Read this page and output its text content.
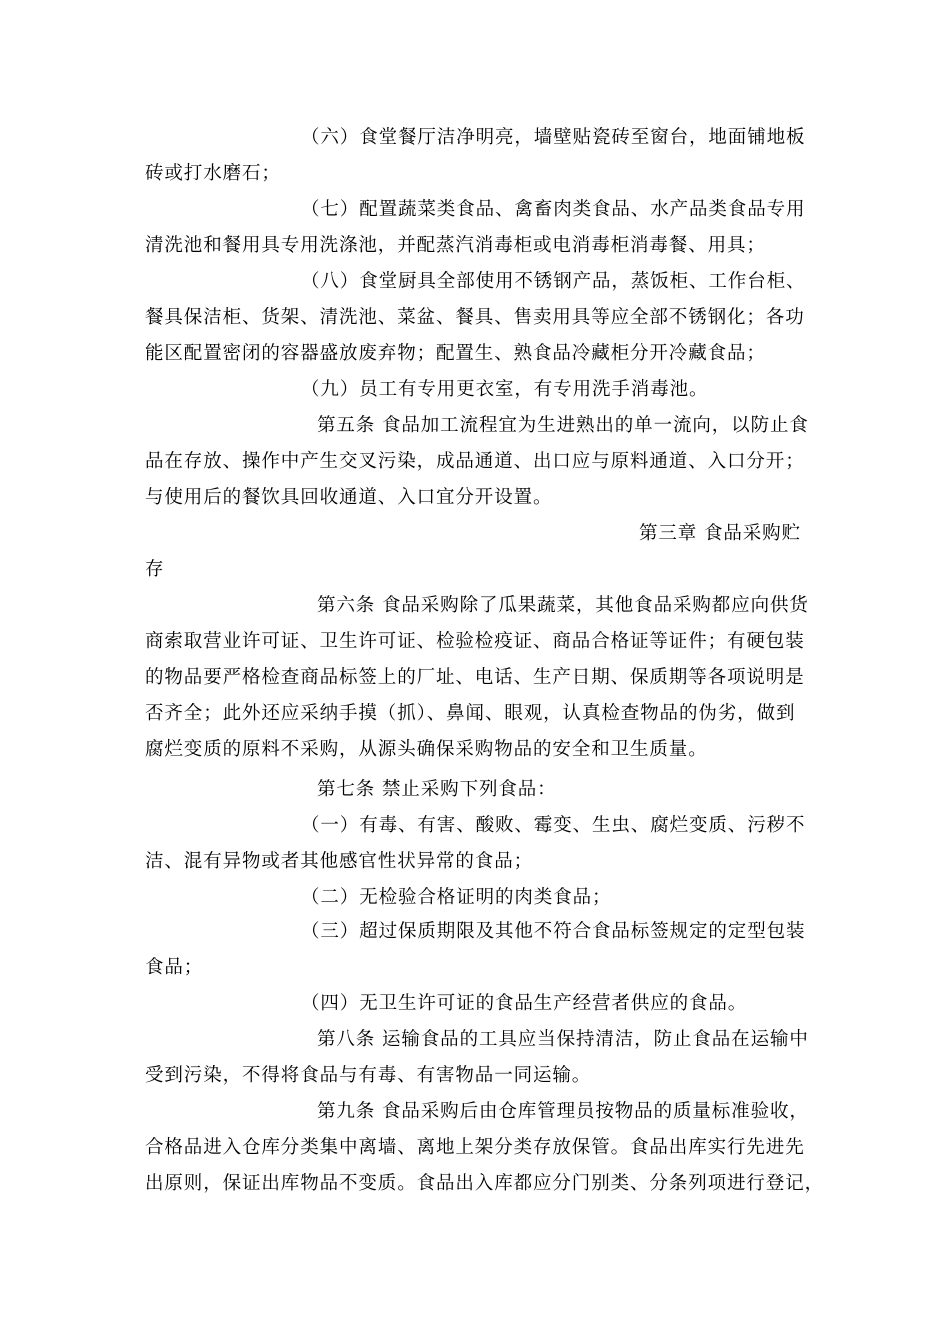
（六）食堂餐厅洁净明亮，墙壁贴瓷砖至窗台，地面铺地板
砖或打水磨石；
（七）配置蔬菜类食品、禽畜肉类食品、水产品类食品专用
清洗池和餐用具专用洗涤池，并配蒸汽消毒柜或电消毒柜消毒餐、用具；
（八）食堂厨具全部使用不锈钢产品，蒸饭柜、工作台柜、
餐具保洁柜、货架、清洗池、菜盆、餐具、售卖用具等应全部不锈钢化；各功
能区配置密闭的容器盛放废弃物；配置生、熟食品冷藏柜分开冷藏食品；
（九）员工有专用更衣室，有专用洗手消毒池。
第五条 食品加工流程宜为生进熟出的单一流向，以防止食
品在存放、操作中产生交叉污染，成品通道、出口应与原料通道、入口分开；
与使用后的餐饮具回收通道、入口宜分开设置。
第三章 食品采购贮
存
第六条 食品采购除了瓜果蔬菜，其他食品采购都应向供货
商索取营业许可证、卫生许可证、检验检疫证、商品合格证等证件；有硬包装
的物品要严格检查商品标签上的厂址、电话、生产日期、保质期等各项说明是
否齐全；此外还应采纳手摸（抓）、鼻闻、眼观，认真检查物品的伪劣，做到
腐烂变质的原料不采购，从源头确保采购物品的安全和卫生质量。
第七条 禁止采购下列食品：
（一）有毒、有害、酸败、霉变、生虫、腐烂变质、污秽不
洁、混有异物或者其他感官性状异常的食品；
（二）无检验合格证明的肉类食品；
（三）超过保质期限及其他不符合食品标签规定的定型包装
食品；
（四）无卫生许可证的食品生产经营者供应的食品。
第八条 运输食品的工具应当保持清洁，防止食品在运输中
受到污染，不得将食品与有毒、有害物品一同运输。
第九条 食品采购后由仓库管理员按物品的质量标准验收，
合格品进入仓库分类集中离墙、离地上架分类存放保管。食品出库实行先进先
出原则，保证出库物品不变质。食品出入库都应分门别类、分条列项进行登记，
